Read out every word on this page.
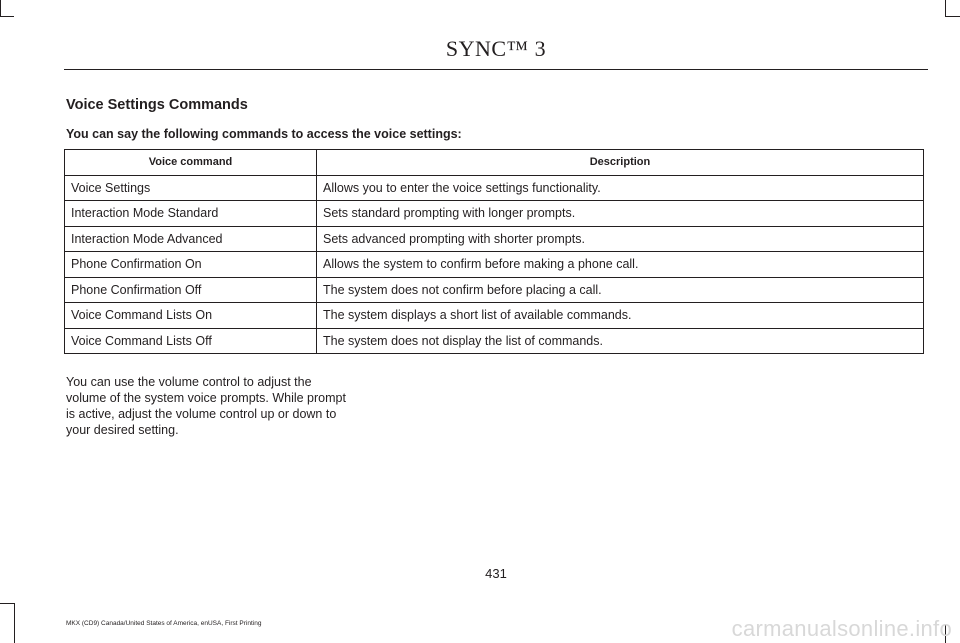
SYNC™ 3
Voice Settings Commands
You can say the following commands to access the voice settings:
Voice command	Description
Voice Settings	Allows you to enter the voice settings functionality.
Interaction Mode Standard	Sets standard prompting with longer prompts.
Interaction Mode Advanced	Sets advanced prompting with shorter prompts.
Phone Confirmation On	Allows the system to confirm before making a phone call.
Phone Confirmation Off	The system does not confirm before placing a call.
Voice Command Lists On	The system displays a short list of available commands.
Voice Command Lists Off	The system does not display the list of commands.
You can use the volume control to adjust the volume of the system voice prompts. While prompt is active, adjust the volume control up or down to your desired setting.
431
MKX (CD9) Canada/United States of America, enUSA, First Printing	carmanualsonline.info
